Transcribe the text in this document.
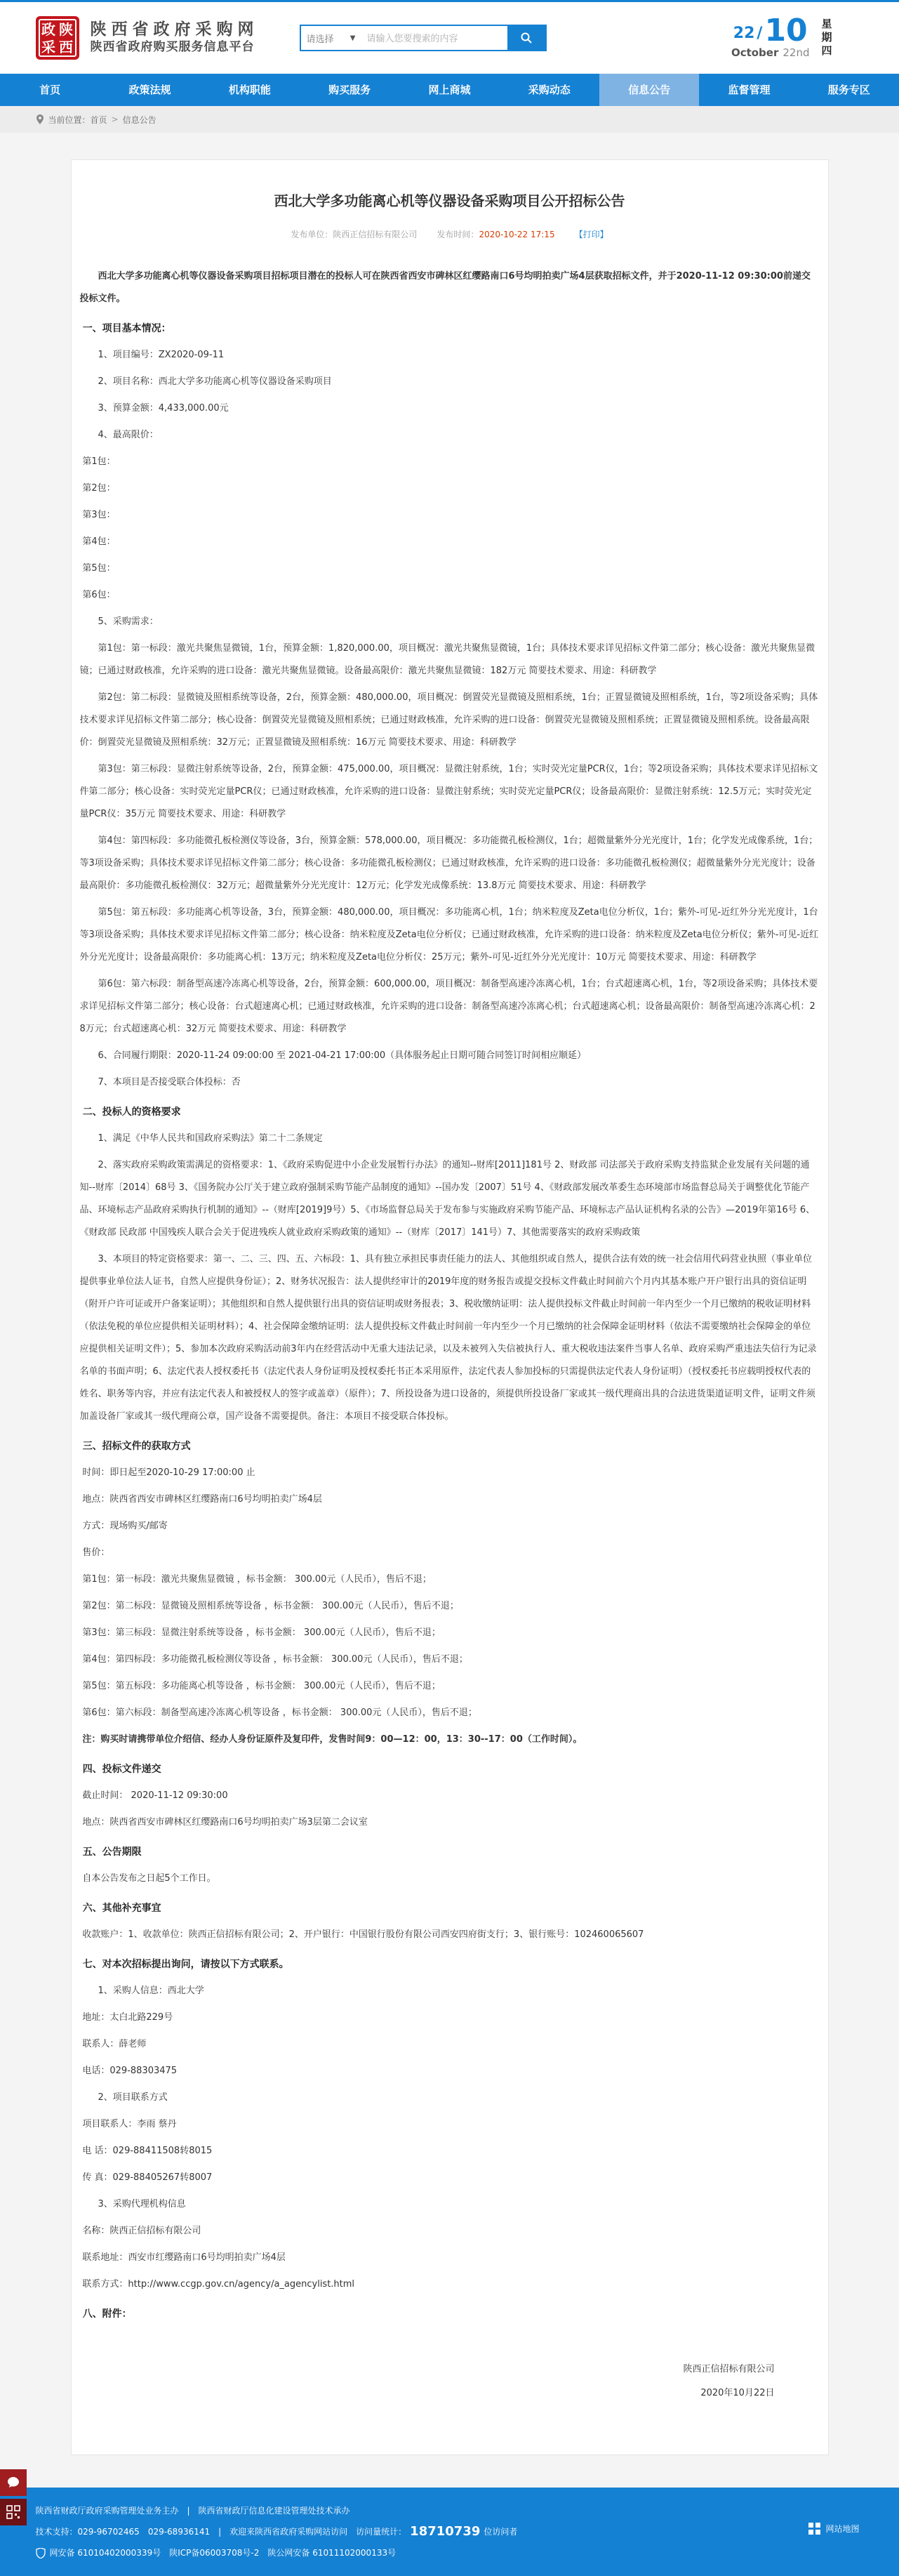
政 陕
采 西
陕西省政府采购网
陕西省政府购买服务信息平台
请选择 ▼
请输入您要搜索的内容	22 / 10
October 22nd 星期四
首页	政策法规	机构职能	购买服务	网上商城	采购动态	信息公告	监督管理	服务专区
当前位置： 首页 > 信息公告
西北大学多功能离心机等仪器设备采购项目公开招标公告
发布单位：陕西正信招标有限公司 发布时间：2020-10-22 17:15 【打印】

西北大学多功能离心机等仪器设备采购项目招标项目潜在的投标人可在陕西省西安市碑林区红缨路南口6号均明拍卖广场4层获取招标文件，并于2020-11-12 09:30:00前递交投标文件。

一、项目基本情况：

1、项目编号：ZX2020-09-11

2、项目名称：西北大学多功能离心机等仪器设备采购项目

3、预算金额：4,433,000.00元

4、最高限价：

第1包：

第2包：

第3包：

第4包：

第5包：

第6包：

5、采购需求：

第1包：第一标段：激光共聚焦显微镜，1台，预算金额：1,820,000.00，项目概况：激光共聚焦显微镜，1台；具体技术要求详见招标文件第二部分；核心设备：激光共聚焦显微镜；已通过财政核准，允许采购的进口设备：激光共聚焦显微镜。设备最高限价：激光共聚焦显微镜：182万元 简要技术要求、用途：科研教学

第2包：第二标段：显微镜及照相系统等设备，2台，预算金额：480,000.00，项目概况：倒置荧光显微镜及照相系统，1台；正置显微镜及照相系统，1台，等2项设备采购；具体技术要求详见招标文件第二部分；核心设备：倒置荧光显微镜及照相系统；已通过财政核准，允许采购的进口设备：倒置荧光显微镜及照相系统；正置显微镜及照相系统。设备最高限价：倒置荧光显微镜及照相系统：32万元；正置显微镜及照相系统：16万元 简要技术要求、用途：科研教学

第3包：第三标段：显微注射系统等设备，2台，预算金额：475,000.00，项目概况：显微注射系统，1台；实时荧光定量PCR仪，1台；等2项设备采购；具体技术要求详见招标文件第二部分；核心设备：实时荧光定量PCR仪；已通过财政核准，允许采购的进口设备：显微注射系统；实时荧光定量PCR仪；设备最高限价：显微注射系统：12.5万元；实时荧光定量PCR仪：35万元 简要技术要求、用途：科研教学

第4包：第四标段：多功能微孔板检测仪等设备，3台，预算金额：578,000.00，项目概况：多功能微孔板检测仪，1台；超微量紫外分光光度计，1台；化学发光成像系统，1台；等3项设备采购；具体技术要求详见招标文件第二部分；核心设备：多功能微孔板检测仪；已通过财政核准，允许采购的进口设备：多功能微孔板检测仪；超微量紫外分光光度计；设备最高限价：多功能微孔板检测仪：32万元；超微量紫外分光光度计：12万元；化学发光成像系统：13.8万元 简要技术要求、用途：科研教学

第5包：第五标段：多功能离心机等设备，3台，预算金额：480,000.00，项目概况：多功能离心机，1台；纳米粒度及Zeta电位分析仪，1台；紫外-可见-近红外分光光度计，1台等3项设备采购；具体技术要求详见招标文件第二部分；核心设备：纳米粒度及Zeta电位分析仪；已通过财政核准，允许采购的进口设备：纳米粒度及Zeta电位分析仪；紫外-可见-近红外分光光度计；设备最高限价：多功能离心机：13万元；纳米粒度及Zeta电位分析仪：25万元；紫外-可见-近红外分光光度计：10万元 简要技术要求、用途：科研教学

第6包：第六标段：制备型高速冷冻离心机等设备，2台，预算金额：600,000.00，项目概况：制备型高速冷冻离心机，1台；台式超速离心机，1台，等2项设备采购；具体技术要求详见招标文件第二部分；核心设备：台式超速离心机；已通过财政核准，允许采购的进口设备：制备型高速冷冻离心机；台式超速离心机；设备最高限价：制备型高速冷冻离心机：28万元；台式超速离心机：32万元 简要技术要求、用途：科研教学

6、合同履行期限：2020-11-24 09:00:00 至 2021-04-21 17:00:00（具体服务起止日期可随合同签订时间相应顺延）

7、本项目是否接受联合体投标：否

二、投标人的资格要求

1、满足《中华人民共和国政府采购法》第二十二条规定

2、落实政府采购政策需满足的资格要求：1、《政府采购促进中小企业发展暂行办法》的通知--财库[2011]181号 2、财政部 司法部关于政府采购支持监狱企业发展有关问题的通知--财库〔2014〕68号 3、《国务院办公厅关于建立政府强制采购节能产品制度的通知》--国办发〔2007〕51号 4、《财政部发展改革委生态环境部市场监督总局关于调整优化节能产品、环境标志产品政府采购执行机制的通知》--（财库[2019]9号）5、《市场监督总局关于发布参与实施政府采购节能产品、环境标志产品认证机构名录的公告》—2019年第16号 6、《财政部 民政部 中国残疾人联合会关于促进残疾人就业政府采购政策的通知》--（财库〔2017〕141号）7、其他需要落实的政府采购政策

3、本项目的特定资格要求：第一、二、三、四、五、六标段：1、具有独立承担民事责任能力的法人、其他组织或自然人，提供合法有效的统一社会信用代码营业执照（事业单位提供事业单位法人证书，自然人应提供身份证）；2、财务状况报告：法人提供经审计的2019年度的财务报告或提交投标文件截止时间前六个月内其基本账户开户银行出具的资信证明（附开户许可证或开户备案证明）；其他组织和自然人提供银行出具的资信证明或财务报表；3、税收缴纳证明：法人提供投标文件截止时间前一年内至少一个月已缴纳的税收证明材料（依法免税的单位应提供相关证明材料）；4、社会保障金缴纳证明：法人提供投标文件截止时间前一年内至少一个月已缴纳的社会保障金证明材料（依法不需要缴纳社会保障金的单位应提供相关证明文件）；5、参加本次政府采购活动前3年内在经营活动中无重大违法记录，以及未被列入失信被执行人、重大税收违法案件当事人名单、政府采购严重违法失信行为记录名单的书面声明；6、法定代表人授权委托书（法定代表人身份证明及授权委托书正本采用原件，法定代表人参加投标的只需提供法定代表人身份证明）（授权委托书应载明授权代表的姓名、职务等内容，并应有法定代表人和被授权人的签字或盖章）（原件）；7、所投设备为进口设备的，须提供所投设备厂家或其一级代理商出具的合法进货渠道证明文件，证明文件须加盖设备厂家或其一级代理商公章，国产设备不需要提供。备注：本项目不接受联合体投标。

三、招标文件的获取方式

时间：即日起至2020-10-29 17:00:00 止

地点：陕西省西安市碑林区红缨路南口6号均明拍卖广场4层

方式：现场购买/邮寄

售价：

第1包：第一标段：激光共聚焦显微镜 ，标书金额： 300.00元（人民币），售后不退；

第2包：第二标段：显微镜及照相系统等设备 ，标书金额： 300.00元（人民币），售后不退；

第3包：第三标段：显微注射系统等设备 ，标书金额： 300.00元（人民币），售后不退；

第4包：第四标段：多功能微孔板检测仪等设备 ，标书金额： 300.00元（人民币），售后不退；

第5包：第五标段：多功能离心机等设备 ，标书金额： 300.00元（人民币），售后不退；

第6包：第六标段：制备型高速冷冻离心机等设备 ，标书金额： 300.00元（人民币），售后不退；

注：购买时请携带单位介绍信、经办人身份证原件及复印件，发售时间9：00—12：00，13：30--17：00（工作时间）。

四、投标文件递交

截止时间： 2020-11-12 09:30:00

地点：陕西省西安市碑林区红缨路南口6号均明拍卖广场3层第二会议室

五、公告期限

自本公告发布之日起5个工作日。

六、其他补充事宜

收款账户：1、收款单位：陕西正信招标有限公司；2、开户银行：中国银行股份有限公司西安四府街支行；3、银行账号：102460065607

七、对本次招标提出询问，请按以下方式联系。

1、采购人信息：西北大学

地址：太白北路229号

联系人：薛老师

电话：029-88303475

2、项目联系方式

项目联系人：李雨 蔡丹

电 话：029-88411508转8015

传 真：029-88405267转8007

3、采购代理机构信息

名称：陕西正信招标有限公司

联系地址：西安市红缨路南口6号均明拍卖广场4层

联系方式：http://www.ccgp.gov.cn/agency/a_agencylist.html

八、附件：

陕西正信招标有限公司
2020年10月22日
陕西省财政厅政府采购管理处业务主办　|　陕西省财政厅信息化建设管理处技术承办
技术支持：029-96702465　029-68936141　|　欢迎来陕西省政府采购网站访问　访问量统计： 18710739 位访问者
网安备 61010402000339号　陕ICP备06003708号-2　陕公网安备 61011102000133号
网站地图
